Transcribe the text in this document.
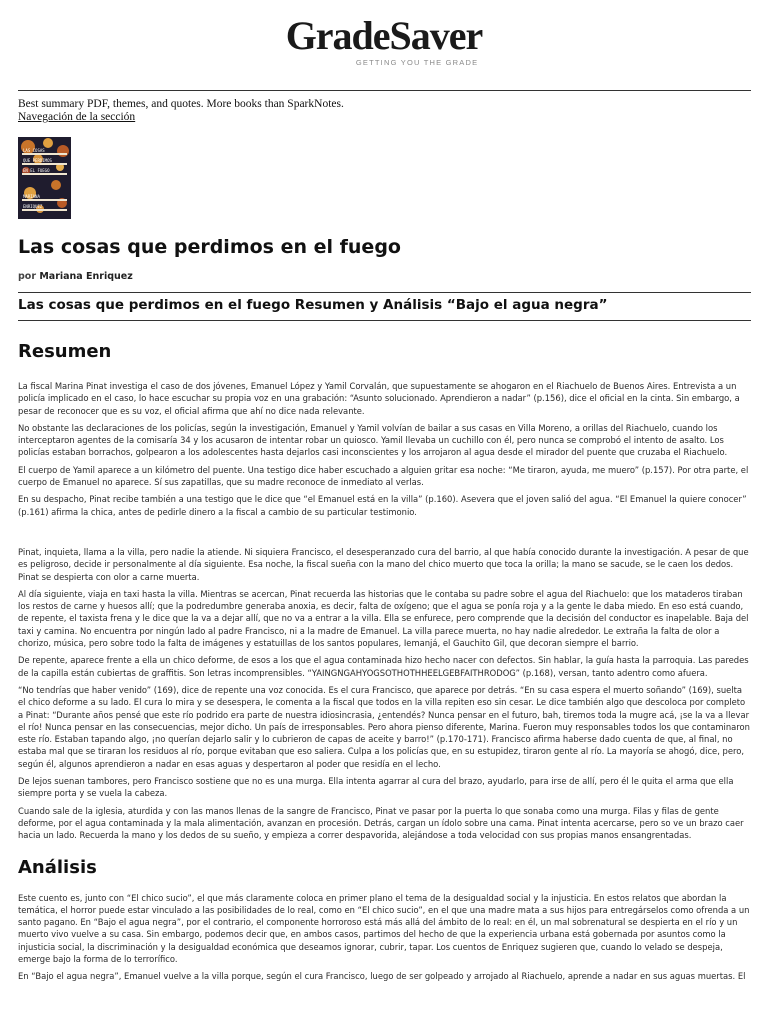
GradeSaver
GETTING YOU THE GRADE
Best summary PDF, themes, and quotes. More books than SparkNotes.
Navegación de la sección
LAS COSAS
QUE PERDIMOS
EN EL FUEGO
MARIANA
ENRIQUEZ
Las cosas que perdimos en el fuego
por Mariana Enriquez
Las cosas que perdimos en el fuego Resumen y Análisis “Bajo el agua negra”
Resumen

La fiscal Marina Pinat investiga el caso de dos jóvenes, Emanuel López y Yamil Corvalán, que supuestamente se ahogaron en el Riachuelo de Buenos Aires. Entrevista a un policía implicado en el caso, lo hace escuchar su propia voz en una grabación: “Asunto solucionado. Aprendieron a nadar” (p.156), dice el oficial en la cinta. Sin embargo, a pesar de reconocer que es su voz, el oficial afirma que ahí no dice nada relevante.

No obstante las declaraciones de los policías, según la investigación, Emanuel y Yamil volvían de bailar a sus casas en Villa Moreno, a orillas del Riachuelo, cuando los interceptaron agentes de la comisaría 34 y los acusaron de intentar robar un quiosco. Yamil llevaba un cuchillo con él, pero nunca se comprobó el intento de asalto. Los policías estaban borrachos, golpearon a los adolescentes hasta dejarlos casi inconscientes y los arrojaron al agua desde el mirador del puente que cruzaba el Riachuelo.

El cuerpo de Yamil aparece a un kilómetro del puente. Una testigo dice haber escuchado a alguien gritar esa noche: “Me tiraron, ayuda, me muero” (p.157). Por otra parte, el cuerpo de Emanuel no aparece. Sí sus zapatillas, que su madre reconoce de inmediato al verlas.

En su despacho, Pinat recibe también a una testigo que le dice que “el Emanuel está en la villa” (p.160). Asevera que el joven salió del agua. “El Emanuel la quiere conocer” (p.161) afirma la chica, antes de pedirle dinero a la fiscal a cambio de su particular testimonio.

Pinat, inquieta, llama a la villa, pero nadie la atiende. Ni siquiera Francisco, el desesperanzado cura del barrio, al que había conocido durante la investigación. A pesar de que es peligroso, decide ir personalmente al día siguiente. Esa noche, la fiscal sueña con la mano del chico muerto que toca la orilla; la mano se sacude, se le caen los dedos. Pinat se despierta con olor a carne muerta.

Al día siguiente, viaja en taxi hasta la villa. Mientras se acercan, Pinat recuerda las historias que le contaba su padre sobre el agua del Riachuelo: que los mataderos tiraban los restos de carne y huesos allí; que la podredumbre generaba anoxia, es decir, falta de oxígeno; que el agua se ponía roja y a la gente le daba miedo. En eso está cuando, de repente, el taxista frena y le dice que la va a dejar allí, que no va a entrar a la villa. Ella se enfurece, pero comprende que la decisión del conductor es inapelable. Baja del taxi y camina. No encuentra por ningún lado al padre Francisco, ni a la madre de Emanuel. La villa parece muerta, no hay nadie alrededor. Le extraña la falta de olor a chorizo, música, pero sobre todo la falta de imágenes y estatuillas de los santos populares, Iemanjá, el Gauchito Gil, que decoran siempre el barrio.

De repente, aparece frente a ella un chico deforme, de esos a los que el agua contaminada hizo hecho nacer con defectos. Sin hablar, la guía hasta la parroquia. Las paredes de la capilla están cubiertas de graffitis. Son letras incomprensibles. “YAINGNGAHYOGSOTHOTHHEELGEBFAITHRODOG” (p.168), versan, tanto adentro como afuera.

“No tendrías que haber venido” (169), dice de repente una voz conocida. Es el cura Francisco, que aparece por detrás. “En su casa espera el muerto soñando” (169), suelta el chico deforme a su lado. El cura lo mira y se desespera, le comenta a la fiscal que todos en la villa repiten eso sin cesar. Le dice también algo que descoloca por completo a Pinat: “Durante años pensé que este río podrido era parte de nuestra idiosincrasia, ¿entendés? Nunca pensar en el futuro, bah, tiremos toda la mugre acá, ¡se la va a llevar el río! Nunca pensar en las consecuencias, mejor dicho. Un país de irresponsables. Pero ahora pienso diferente, Marina. Fueron muy responsables todos los que contaminaron este río. Estaban tapando algo, ¡no querían dejarlo salir y lo cubrieron de capas de aceite y barro!” (p.170-171). Francisco afirma haberse dado cuenta de que, al final, no estaba mal que se tiraran los residuos al río, porque evitaban que eso saliera. Culpa a los policías que, en su estupidez, tiraron gente al río. La mayoría se ahogó, dice, pero, según él, algunos aprendieron a nadar en esas aguas y despertaron al poder que residía en el lecho.

De lejos suenan tambores, pero Francisco sostiene que no es una murga. Ella intenta agarrar al cura del brazo, ayudarlo, para irse de allí, pero él le quita el arma que ella siempre porta y se vuela la cabeza.

Cuando sale de la iglesia, aturdida y con las manos llenas de la sangre de Francisco, Pinat ve pasar por la puerta lo que sonaba como una murga. Filas y filas de gente deforme, por el agua contaminada y la mala alimentación, avanzan en procesión. Detrás, cargan un ídolo sobre una cama. Pinat intenta acercarse, pero so ve un brazo caer hacia un lado. Recuerda la mano y los dedos de su sueño, y empieza a correr despavorida, alejándose a toda velocidad con sus propias manos ensangrentadas.

Análisis

Este cuento es, junto con “El chico sucio”, el que más claramente coloca en primer plano el tema de la desigualdad social y la injusticia. En estos relatos que abordan la temática, el horror puede estar vinculado a las posibilidades de lo real, como en “El chico sucio”, en el que una madre mata a sus hijos para entregárselos como ofrenda a un santo pagano. En “Bajo el agua negra”, por el contrario, el componente horroroso está más allá del ámbito de lo real: en él, un mal sobrenatural se despierta en el río y un muerto vivo vuelve a su casa. Sin embargo, podemos decir que, en ambos casos, partimos del hecho de que la experiencia urbana está gobernada por asuntos como la injusticia social, la discriminación y la desigualdad económica que deseamos ignorar, cubrir, tapar. Los cuentos de Enriquez sugieren que, cuando lo velado se despeja, emerge bajo la forma de lo terrorífico.

En “Bajo el agua negra”, Emanuel vuelve a la villa porque, según el cura Francisco, luego de ser golpeado y arrojado al Riachuelo, aprende a nadar en sus aguas muertas. El
